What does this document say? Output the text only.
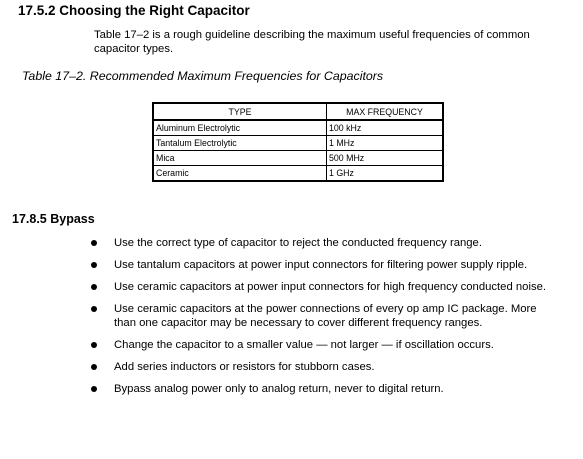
17.5.2 Choosing the Right Capacitor
Table 17–2 is a rough guideline describing the maximum useful frequencies of common capacitor types.
Table 17–2. Recommended Maximum Frequencies for Capacitors
TYPE	MAX FREQUENCY
Aluminum Electrolytic	100 kHz
Tantalum Electrolytic	1 MHz
Mica	500 MHz
Ceramic	1 GHz
17.8.5 Bypass
Use the correct type of capacitor to reject the conducted frequency range.
Use tantalum capacitors at power input connectors for filtering power supply ripple.
Use ceramic capacitors at power input connectors for high frequency conducted noise.
Use ceramic capacitors at the power connections of every op amp IC package. More than one capacitor may be necessary to cover different frequency ranges.
Change the capacitor to a smaller value — not larger — if oscillation occurs.
Add series inductors or resistors for stubborn cases.
Bypass analog power only to analog return, never to digital return.
